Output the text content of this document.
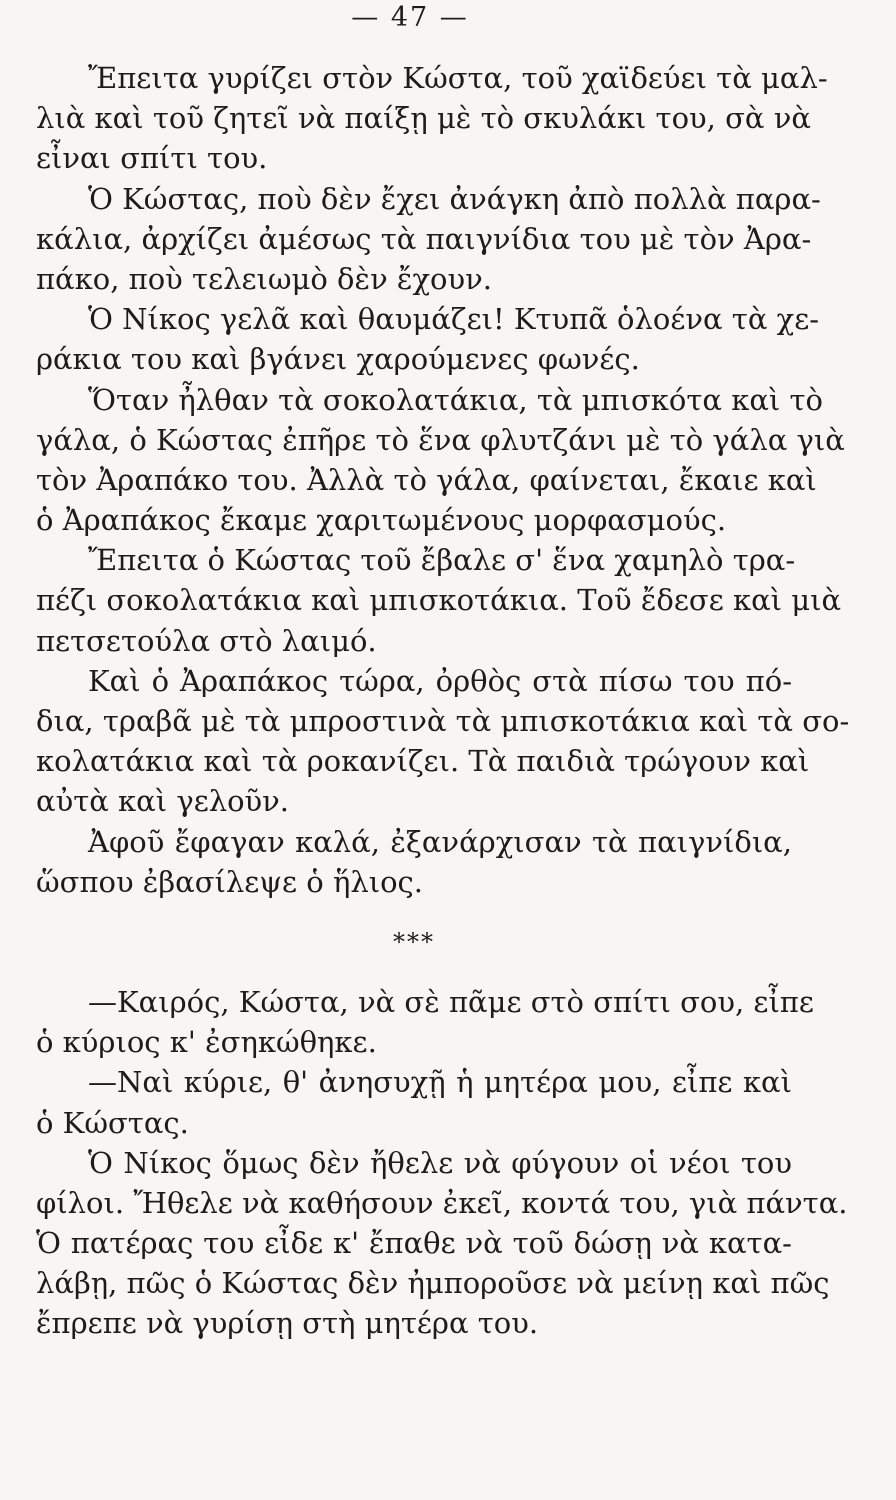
— 47 —
Ἔπειτα γυρίζει στὸν Κώστα, τοῦ χαϊδεύει τὰ μαλ-
λιὰ καὶ τοῦ ζητεῖ νὰ παίξῃ μὲ τὸ σκυλάκι του, σὰ νὰ
εἶναι σπίτι του.
Ὁ Κώστας, ποὺ δὲν ἔχει ἀνάγκη ἀπὸ πολλὰ παρα-
κάλια, ἀρχίζει ἀμέσως τὰ παιγνίδια του μὲ τὸν Ἀρα-
πάκο, ποὺ τελειωμὸ δὲν ἔχουν.
Ὁ Νίκος γελᾶ καὶ θαυμάζει! Κτυπᾶ ὁλοένα τὰ χε-
ράκια του καὶ βγάνει χαρούμενες φωνές.
Ὅταν ἦλθαν τὰ σοκολατάκια, τὰ μπισκότα καὶ τὸ
γάλα, ὁ Κώστας ἐπῆρε τὸ ἕνα φλυτζάνι μὲ τὸ γάλα γιὰ
τὸν Ἀραπάκο του. Ἀλλὰ τὸ γάλα, φαίνεται, ἔκαιε καὶ
ὁ Ἀραπάκος ἔκαμε χαριτωμένους μορφασμούς.
Ἔπειτα ὁ Κώστας τοῦ ἔβαλε σ' ἕνα χαμηλὸ τρα-
πέζι σοκολατάκια καὶ μπισκοτάκια. Τοῦ ἔδεσε καὶ μιὰ
πετσετούλα στὸ λαιμό.
Καὶ ὁ Ἀραπάκος τώρα, ὀρθὸς στὰ πίσω του πό-
δια, τραβᾶ μὲ τὰ μπροστινὰ τὰ μπισκοτάκια καὶ τὰ σο-
κολατάκια καὶ τὰ ροκανίζει. Τὰ παιδιὰ τρώγουν καὶ
αὐτὰ καὶ γελοῦν.
Ἀφοῦ ἔφαγαν καλά, ἐξανάρχισαν τὰ παιγνίδια,
ὥσπου ἐβασίλεψε ὁ ἥλιος.
***
—Καιρός, Κώστα, νὰ σὲ πᾶμε στὸ σπίτι σου, εἶπε
ὁ κύριος κ' ἐσηκώθηκε.
—Ναὶ κύριε, θ' ἀνησυχῇ ἡ μητέρα μου, εἶπε καὶ
ὁ Κώστας.
Ὁ Νίκος ὅμως δὲν ἤθελε νὰ φύγουν οἱ νέοι του
φίλοι. Ἤθελε νὰ καθήσουν ἐκεῖ, κοντά του, γιὰ πάντα.
Ὁ πατέρας του εἶδε κ' ἔπαθε νὰ τοῦ δώσῃ νὰ κατα-
λάβῃ, πῶς ὁ Κώστας δὲν ἠμποροῦσε νὰ μείνῃ καὶ πῶς
ἔπρεπε νὰ γυρίσῃ στὴ μητέρα του.
